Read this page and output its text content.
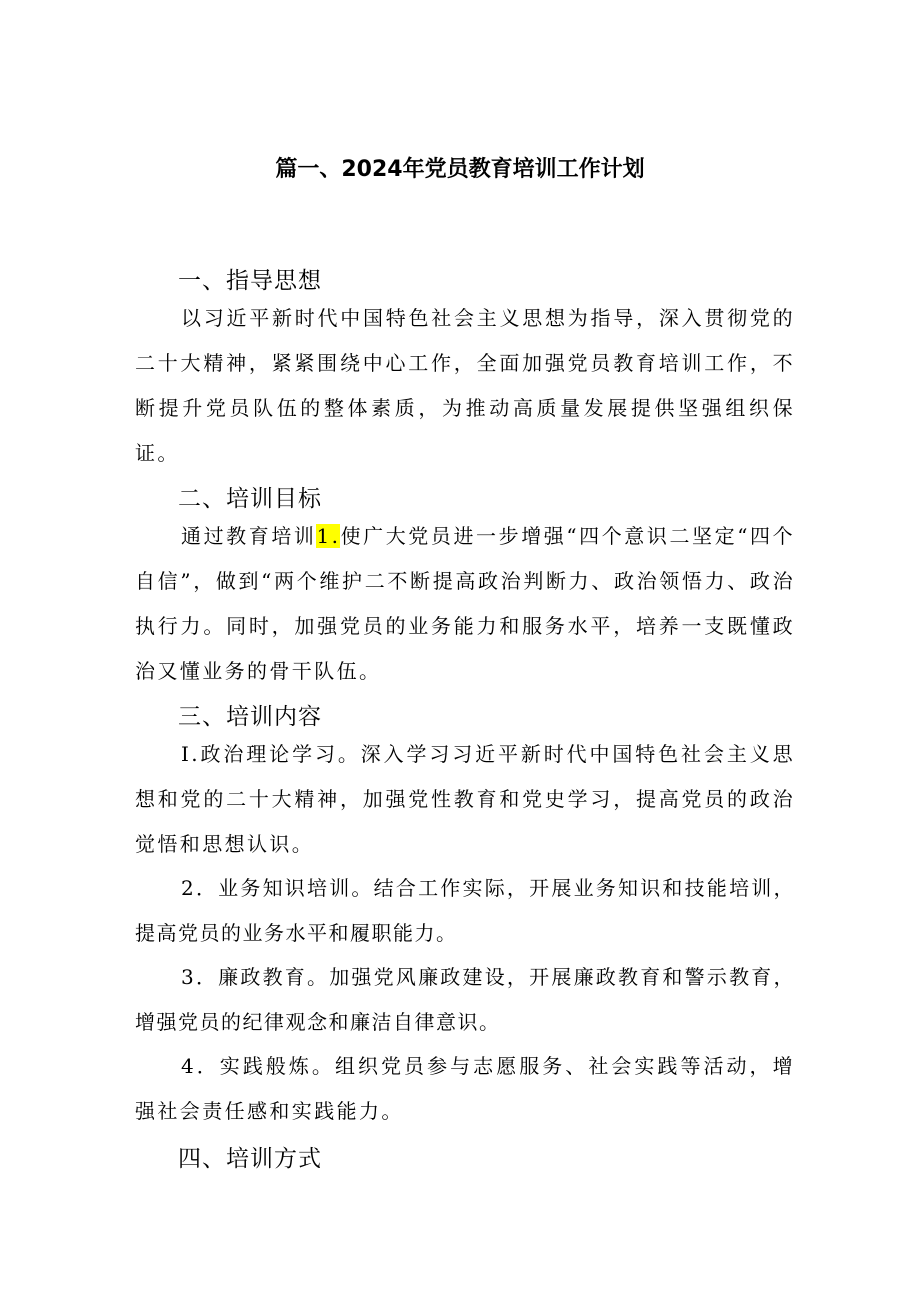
篇一、2024年党员教育培训工作计划
一、指导思想

以习近平新时代中国特色社会主义思想为指导，深入贯彻党的二十大精神，紧紧围绕中心工作，全面加强党员教育培训工作，不断提升党员队伍的整体素质，为推动高质量发展提供坚强组织保证。

二、培训目标

通过教育培训1.使广大党员进一步增强“四个意识二坚定“四个自信”，做到“两个维护二不断提高政治判断力、政治领悟力、政治执行力。同时，加强党员的业务能力和服务水平，培养一支既懂政治又懂业务的骨干队伍。

三、培训内容

I.政治理论学习。深入学习习近平新时代中国特色社会主义思想和党的二十大精神，加强党性教育和党史学习，提高党员的政治觉悟和思想认识。

2．业务知识培训。结合工作实际，开展业务知识和技能培训，提高党员的业务水平和履职能力。

3．廉政教育。加强党风廉政建设，开展廉政教育和警示教育，增强党员的纪律观念和廉洁自律意识。

4．实践般炼。组织党员参与志愿服务、社会实践等活动，增强社会责任感和实践能力。

四、培训方式
